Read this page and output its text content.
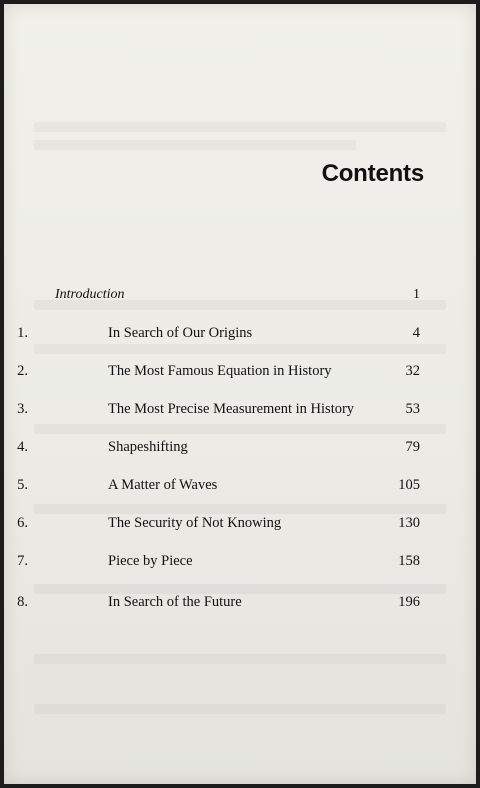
Contents
Introduction	1
1.	In Search of Our Origins	4
2.	The Most Famous Equation in History	32
3.	The Most Precise Measurement in History	53
4.	Shapeshifting	79
5.	A Matter of Waves	105
6.	The Security of Not Knowing	130
7.	Piece by Piece	158
8.	In Search of the Future	196
